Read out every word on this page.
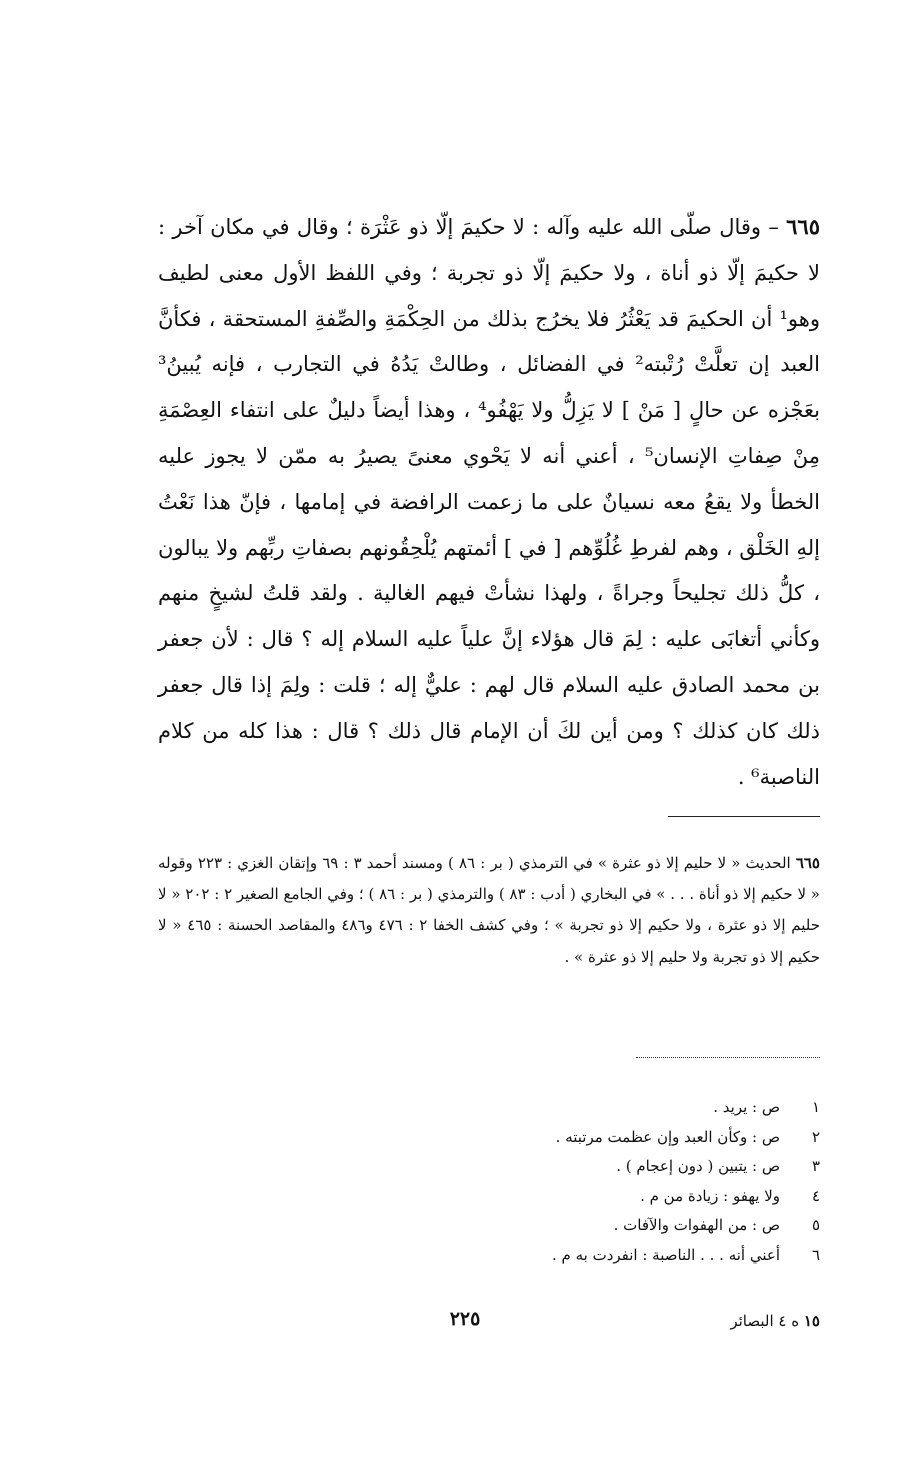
٦٦٥ – وقال صلّى الله عليه وآله : لا حكيمَ إلّا ذو عَثْرَة ؛ وقال في مكان آخر : لا حكيمَ إلّا ذو أناة ، ولا حكيمَ إلّا ذو تجربة ؛ وفي اللفظ الأول معنى لطيف وهو¹ أن الحكيمَ قد يَعْثُرُ فلا يخرُج بذلك من الحِكْمَةِ والصِّفةِ المستحقة ، فكأنَّ العبد إن تعلَّتْ رُتْبته² في الفضائل ، وطالتْ يَدُهُ في التجارب ، فإنه يُبينُ³ بعَجْزه عن حالٍ [ مَنْ ] لا يَزِلُّ ولا يَهْفُو⁴ ، وهذا أيضاً دليلٌ على انتفاء العِصْمَةِ مِنْ صِفاتِ الإنسان⁵ ، أعني أنه لا يَحْوي معنىً يصيرُ به ممّن لا يجوز عليه الخطأ ولا يقعُ معه نسيانٌ على ما زعمت الرافضة في إمامها ، فإنّ هذا نَعْتُ إلهِ الخَلْق ، وهم لفرطِ غُلُوِّهم [ في ] أئمتهم يُلْحِقُونهم بصفاتِ ربِّهم ولا يبالون ، كلُّ ذلك تجليحاً وجراةً ، ولهذا نشأتْ فيهم الغالية . ولقد قلتُ لشيخٍ منهم وكأني أتغابَى عليه : لِمَ قال هؤلاء إنَّ علياً عليه السلام إله ؟ قال : لأن جعفر بن محمد الصادق عليه السلام قال لهم : عليٌّ إله ؛ قلت : ولِمَ إذا قال جعفر ذلك كان كذلك ؟ ومن أين لكَ أن الإمام قال ذلك ؟ قال : هذا كله من كلام الناصبة⁶ .
٦٦٥ الحديث « لا حليم إلا ذو عثرة » في الترمذي ( بر : ٨٦ ) ومسند أحمد ٣ : ٦٩ وإتقان الغزي : ٢٢٣ وقوله « لا حكيم إلا ذو أناة . . . » في البخاري ( أدب : ٨٣ ) والترمذي ( بر : ٨٦ ) ؛ وفي الجامع الصغير ٢ : ٢٠٢ « لا حليم إلا ذو عثرة ، ولا حكيم إلا ذو تجربة » ؛ وفي كشف الخفا ٢ : ٤٧٦ و٤٨٦ والمقاصد الحسنة : ٤٦٥ « لا حكيم إلا ذو تجربة ولا حليم إلا ذو عثرة » .
١
ص : يريد .
٢
ص : وكأن العبد وإن عظمت مرتبته .
٣
ص : يتبين ( دون إعجام ) .
٤
ولا يهفو : زيادة من م .
٥
ص : من الهفوات والآفات .
٦
أعني أنه . . . الناصبة : انفردت به م .
٢٢٥	١٥ ه ٤ البصائر
